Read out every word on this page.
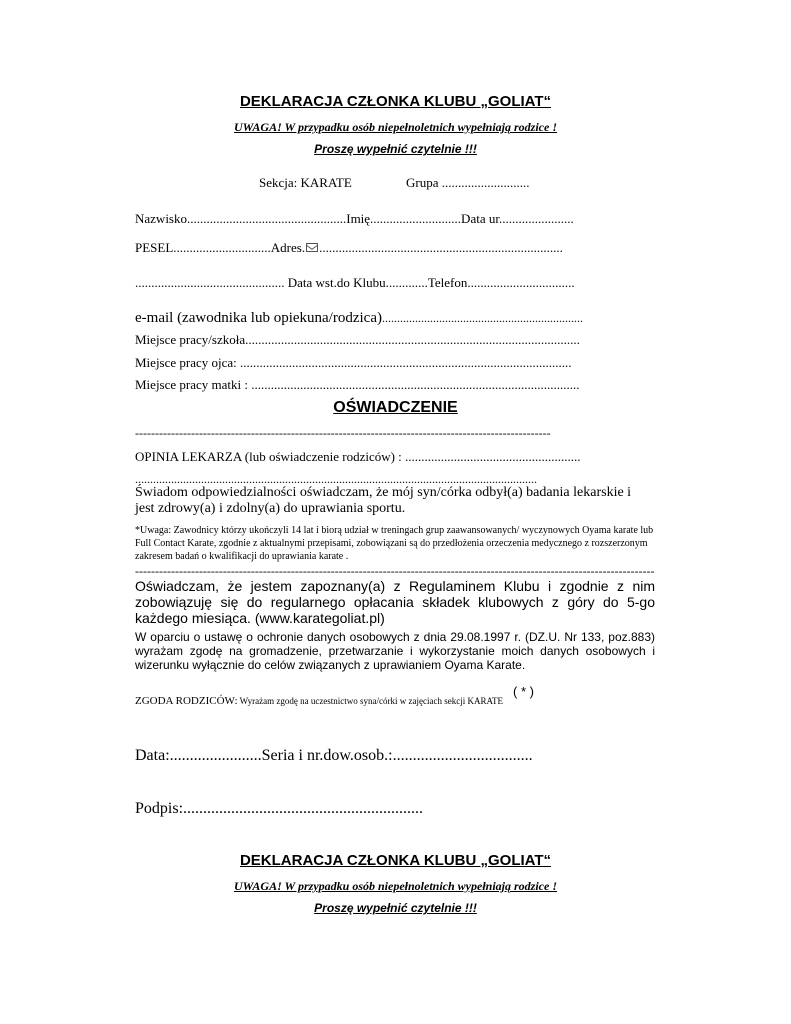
DEKLARACJA CZŁONKA KLUBU „GOLIAT“
UWAGA! W przypadku osób niepełnoletnich wypełniają rodzice !
Proszę wypełnić czytelnie !!!
Sekcja: KARATE	Grupa ...........................
Nazwisko.................................................Imię............................Data ur.......................
PESEL..............................Adres. ...........................................................................
.............................................. Data wst.do Klubu.............Telefon.................................
e-mail (zawodnika lub opiekuna/rodzica)...................................................................
Miejsce pracy/szkoła.......................................................................................................
Miejsce pracy ojca: ......................................................................................................
Miejsce pracy matki : .....................................................................................................
OŚWIADCZENIE
--------------------------------------------------------------------------------------------------------
OPINIA LEKARZA (lub oświadczenie rodziców) : ......................................................
......................................................................................................................................
Świadom odpowiedzialności oświadczam, że mój syn/córka odbył(a) badania lekarskie i jest zdrowy(a) i zdolny(a) do uprawiania sportu.
*Uwaga: Zawodnicy którzy ukończyli 14 lat i biorą udział w treningach grup zaawansowanych/ wyczynowych Oyama karate lub Full Contact Karate, zgodnie z aktualnymi przepisami, zobowiązani są do przedłożenia orzeczenia medycznego z rozszerzonym zakresem badań o kwalifikacji do uprawiania karate .
----------------------------------------------------------------------------------------------------------------------------------
Oświadczam, że jestem zapoznany(a) z Regulaminem Klubu i zgodnie z nim zobowiązuję się do regularnego opłacania składek klubowych z góry do 5-go każdego miesiąca. (www.karategoliat.pl)
W oparciu o ustawę o ochronie danych osobowych z dnia 29.08.1997 r. (DZ.U. Nr 133, poz.883) wyrażam zgodę na gromadzenie, przetwarzanie i wykorzystanie moich danych osobowych i wizerunku wyłącznie do celów związanych z uprawianiem Oyama Karate.
$_{ZGODA RODZICÓW:}$ $_{Wyrażam zgodę na uczestnictwo syna/córki w zajęciach sekcji KARATE}$ ( * )
Data:.......................Seria i nr.dow.osob.:...................................
Podpis:............................................................
DEKLARACJA CZŁONKA KLUBU „GOLIAT“
UWAGA! W przypadku osób niepełnoletnich wypełniają rodzice !
Proszę wypełnić czytelnie !!!
